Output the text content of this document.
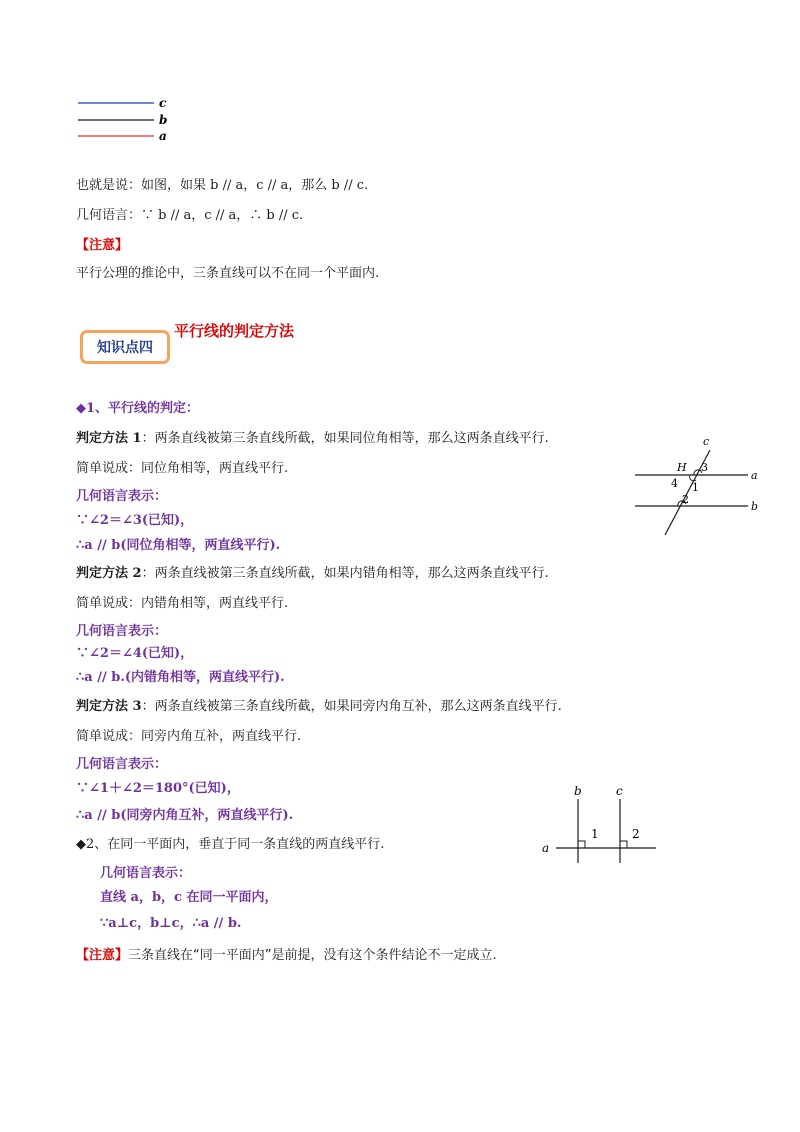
c
b
a
也就是说：如图，如果 b // a，c // a，那么 b // c.
几何语言：∵ b // a，c // a，∴ b // c.
【注意】
平行公理的推论中，三条直线可以不在同一个平面内.
知识点四
平行线的判定方法
◆1、平行线的判定：
判定方法 1：两条直线被第三条直线所截，如果同位角相等，那么这两条直线平行.
简单说成：同位角相等，两直线平行.
几何语言表示：
∵∠2＝∠3(已知)，
∴a // b(同位角相等，两直线平行).
判定方法 2：两条直线被第三条直线所截，如果内错角相等，那么这两条直线平行.
简单说成：内错角相等，两直线平行.
几何语言表示：
∵∠2＝∠4(已知)，
∴a // b.(内错角相等，两直线平行).
判定方法 3：两条直线被第三条直线所截，如果同旁内角互补，那么这两条直线平行.
简单说成：同旁内角互补，两直线平行.
几何语言表示：
∵∠1＋∠2＝180°(已知)，
∴a // b(同旁内角互补，两直线平行).
◆2、在同一平面内，垂直于同一条直线的两直线平行.
几何语言表示：
直线 a，b，c 在同一平面内，
∵a⊥c，b⊥c，∴a // b.
【注意】三条直线在“同一平面内”是前提，没有这个条件结论不一定成立.
c
H 3
a
4 1
2
b
b	c
a
1	2
